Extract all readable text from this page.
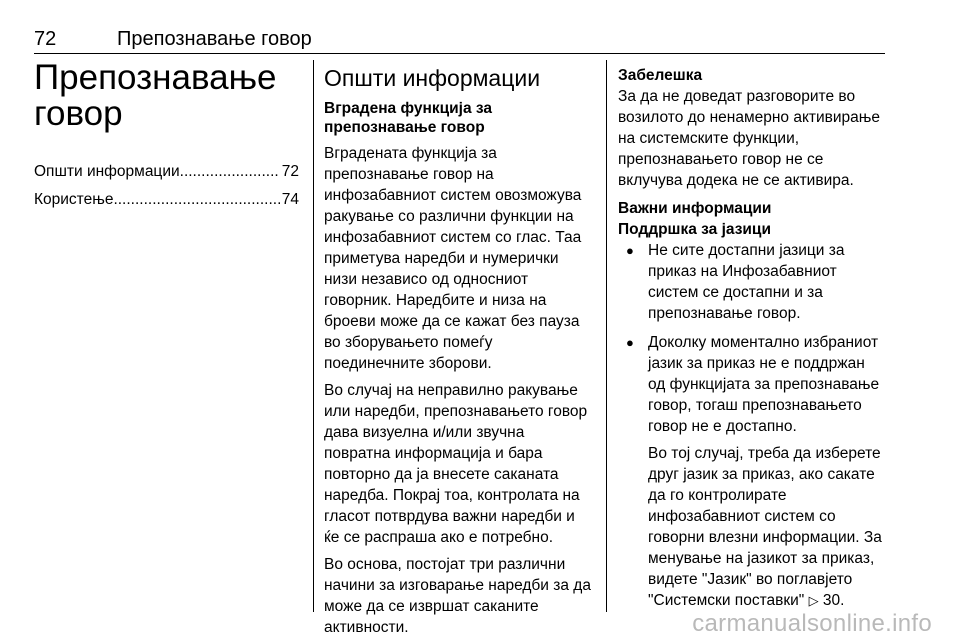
72	Препознавање говор
Препознавање говор
Општи информации .....	72
Користење .....	74
Општи информации
Вградена функција за препознавање говор

Вградената функција за препознавање говор на инфозабавниот систем овозможува ракување со различни функции на инфозабавниот систем со глас. Таа приметува наредби и нумерички низи независо од односниот говорник. Наредбите и низа на броеви може да се кажат без пауза во зборувањето помеѓу поединечните зборови.

Во случај на неправилно ракување или наредби, препознавањето говор дава визуелна и/или звучна повратна информација и бара повторно да ја внесете саканата наредба. Покрај тоа, контролата на гласот потврдува важни наредби и ќе се распраша ако е потребно.

Во основа, постојат три различни начини за изговарање наредби за да може да се извршат саканите активности.

Забелешка

За да не доведат разговорите во возилото до ненамерно активирање на системските функции, препознавањето говор не се вклучува додека не се активира.

Важни информации
Поддршка за јазици
● Не сите достапни јазици за приказ на Инфозабавниот систем се достапни и за препознавање говор.
● Доколку моментално избраниот јазик за приказ не е поддржан од функцијата за препознавање говор, тогаш препознавањето говор не е достапно.
Во тој случај, треба да изберете друг јазик за приказ, ако сакате да го контролирате инфозабавниот систем со говорни влезни информации. За менување на јазикот за приказ, видете "Јазик" во поглавјето "Системски поставки" ▷ 30.
carmanualsonline.info
